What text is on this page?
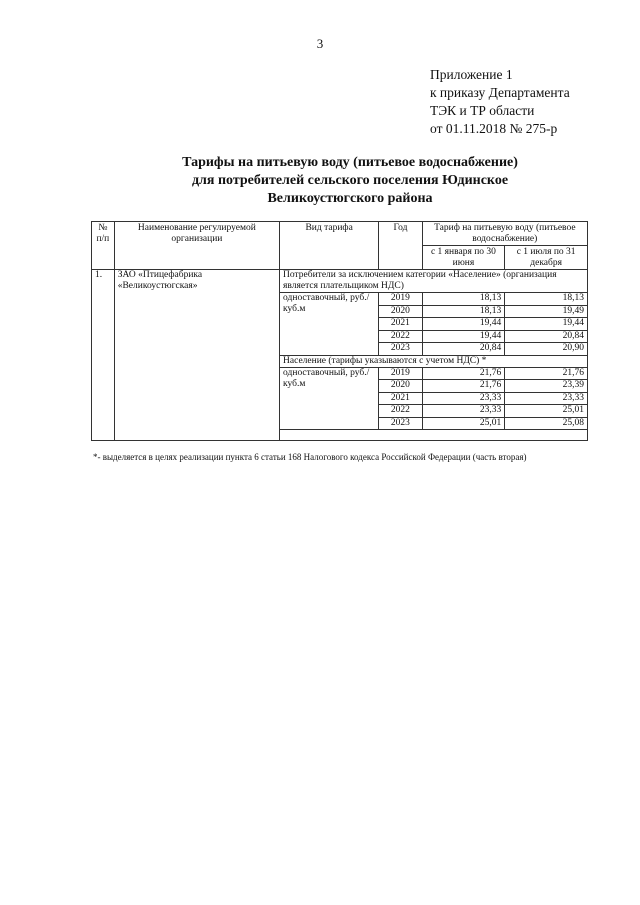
3
Приложение 1
к приказу Департамента
ТЭК и ТР области
от 01.11.2018 № 275-р
Тарифы на питьевую воду (питьевое водоснабжение)
для потребителей сельского поселения Юдинское
Великоустюгского района
№ п/п	Наименование регулируемой организации	Вид тарифа	Год	Тариф на питьевую воду (питьевое водоснабжение)	
				с 1 января по 30 июня	с 1 июля по 31 декабря
1.	ЗАО «Птицефабрика
«Великоустюгская»	Потребители за исключением категории «Население» (организация является плательщиком НДС)			
		одноставочный, руб./куб.м	2019	18,13	18,13
			2020	18,13	19,49
			2021	19,44	19,44
			2022	19,44	20,84
			2023	20,84	20,90
		Население (тарифы указываются с учетом НДС) *			
		одноставочный, руб./куб.м	2019	21,76	21,76
			2020	21,76	23,39
			2021	23,33	23,33
			2022	23,33	25,01
			2023	25,01	25,08

*- выделяется в целях реализации пункта 6 статьи 168 Налогового кодекса Российской Федерации (часть вторая)
